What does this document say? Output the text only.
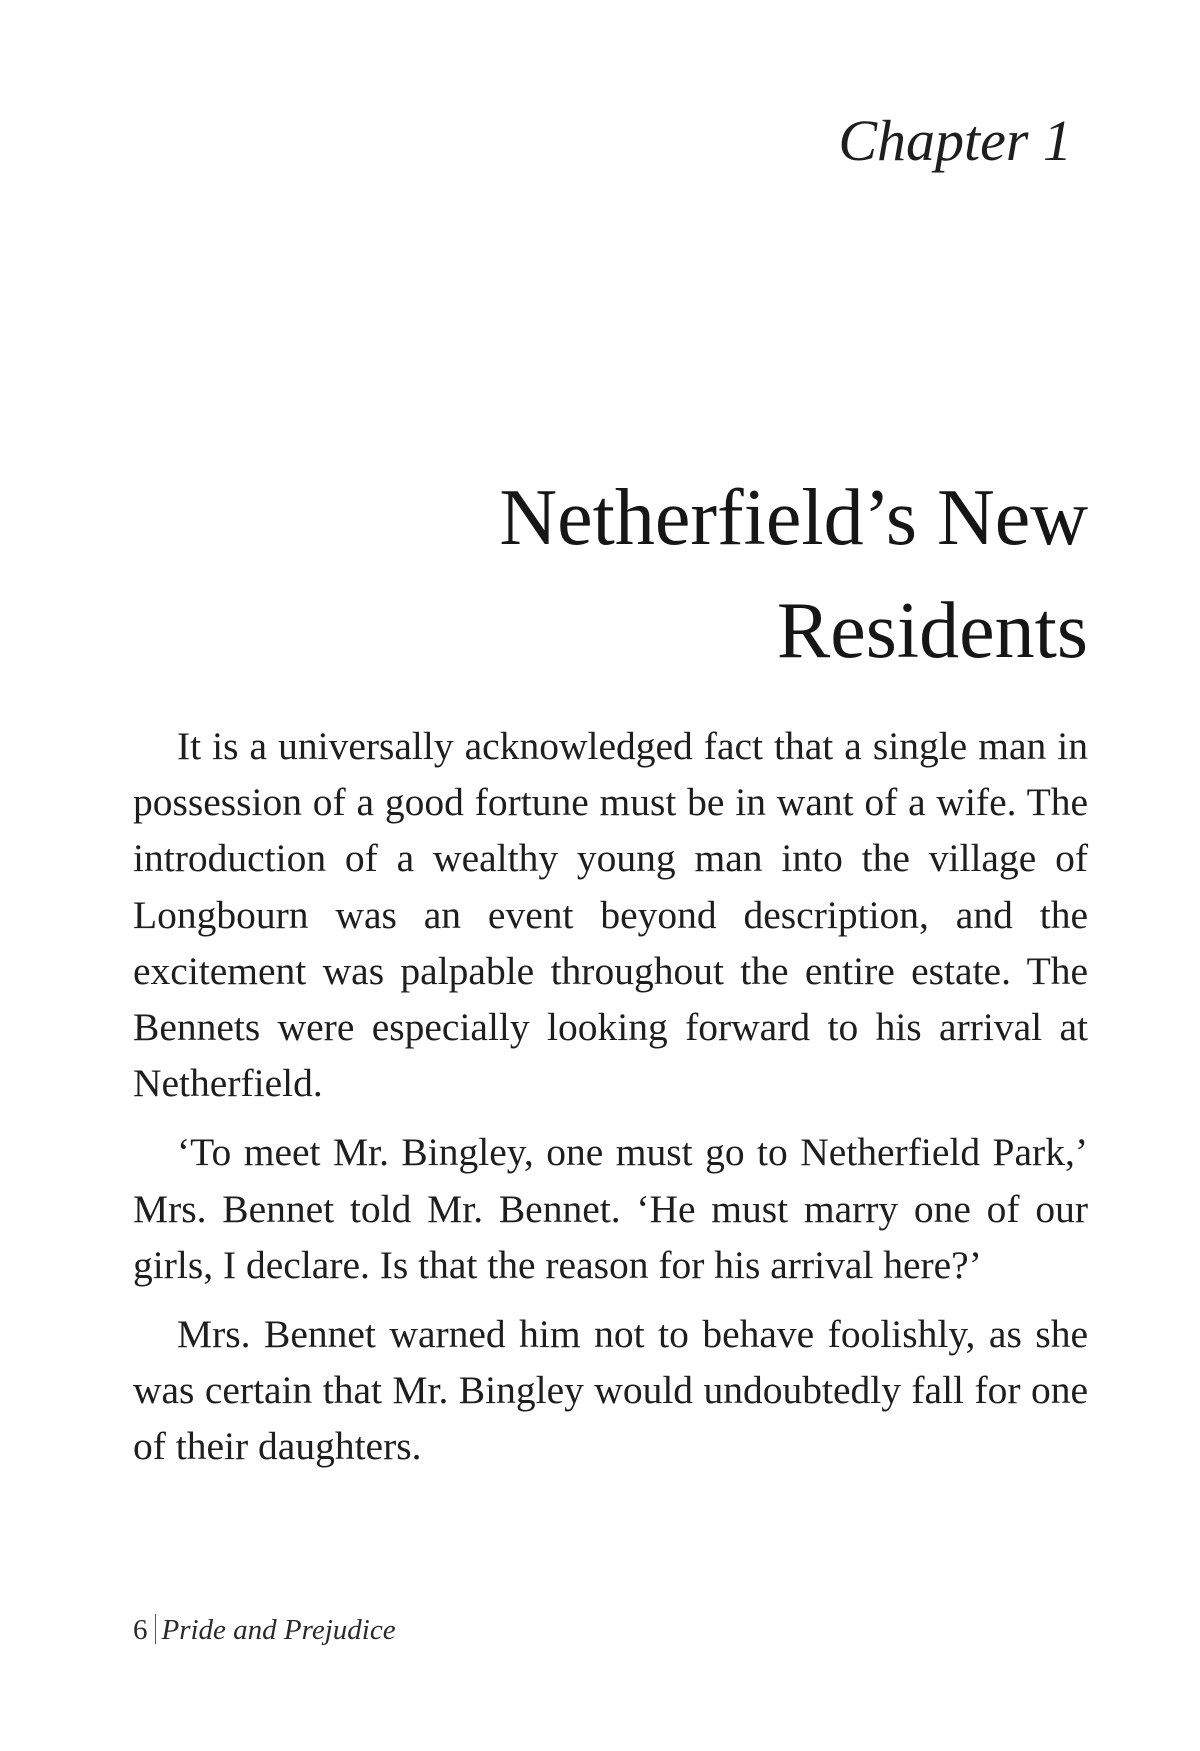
Chapter 1
Netherfield’s New
Residents

It is a universally acknowledged fact that a single man in possession of a good fortune must be in want of a wife. The introduction of a wealthy young man into the village of Longbourn was an event beyond description, and the excitement was palpable throughout the entire estate. The Bennets were especially looking forward to his arrival at Netherfield.

‘To meet Mr. Bingley, one must go to Netherfield Park,’ Mrs. Bennet told Mr. Bennet. ‘He must marry one of our girls, I declare. Is that the reason for his arrival here?’

Mrs. Bennet warned him not to behave foolishly, as she was certain that Mr. Bingley would undoubtedly fall for one of their daughters.

6 Pride and Prejudice
